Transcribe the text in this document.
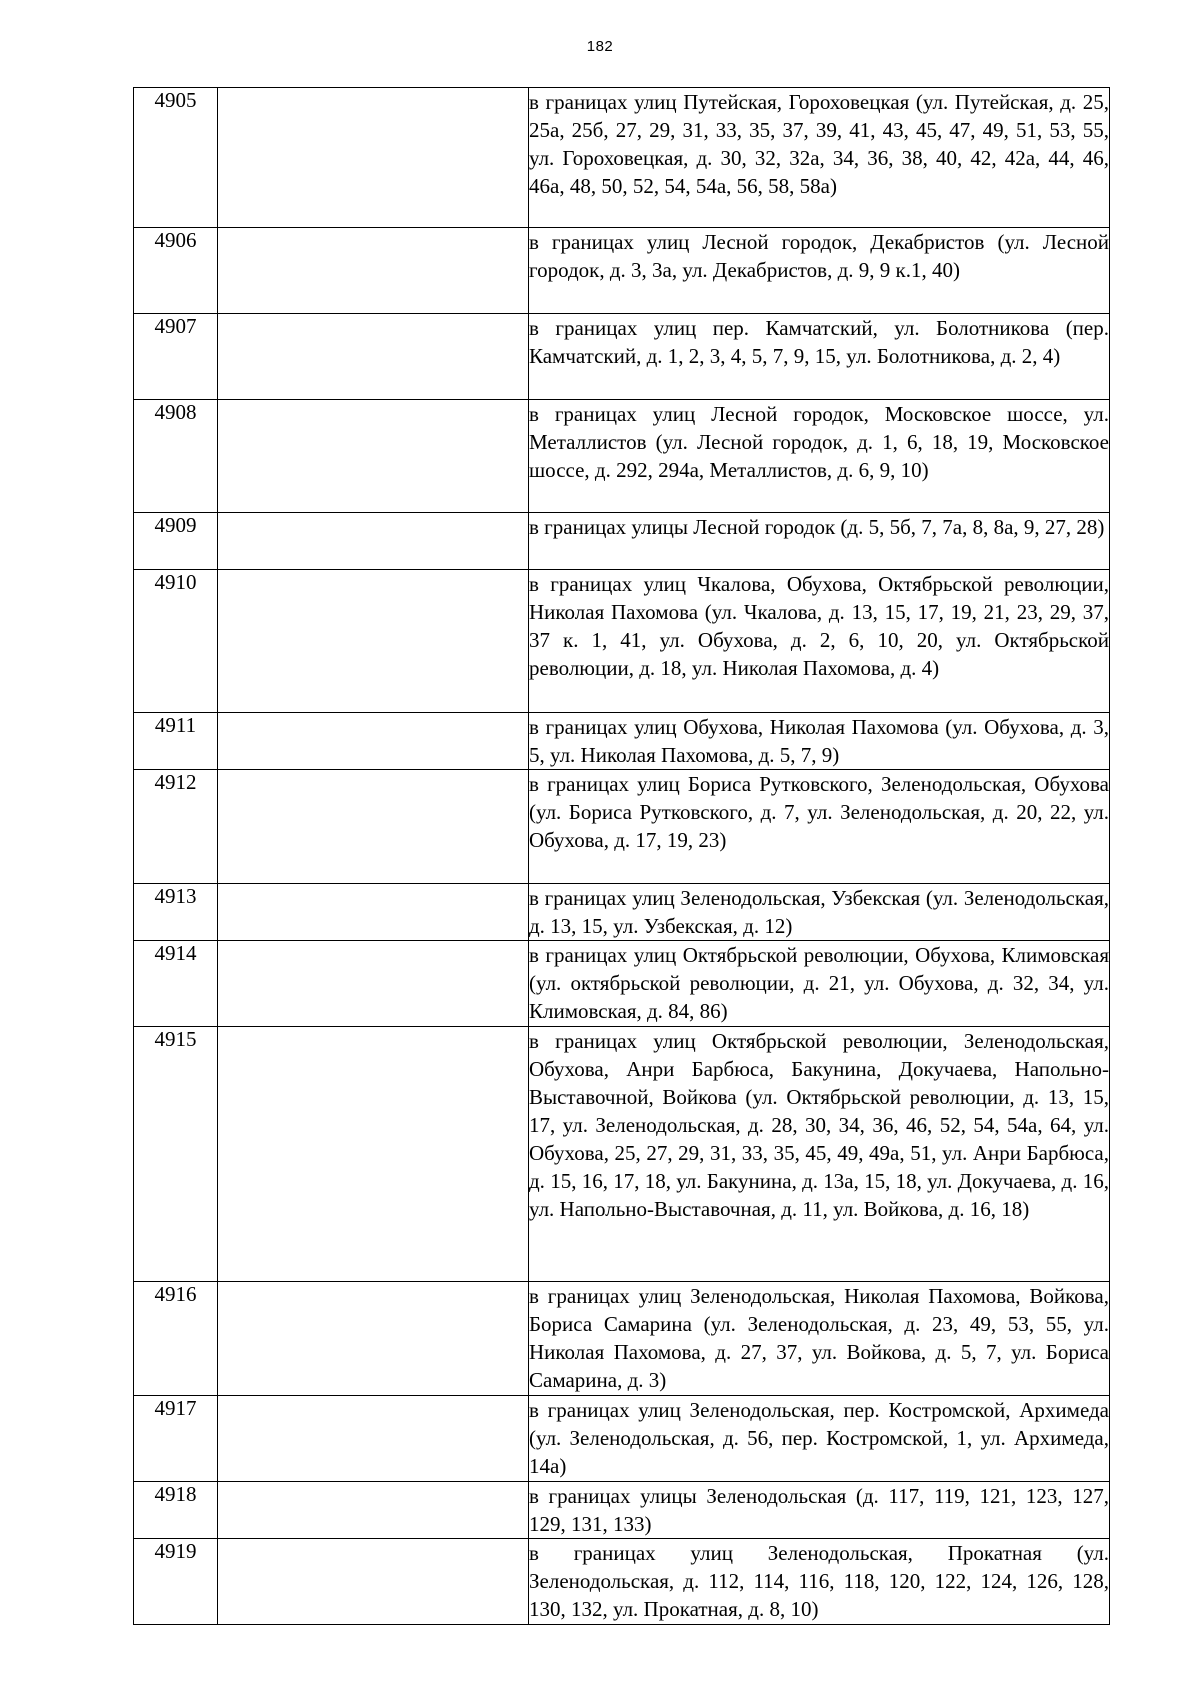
182
4905		в границах улиц Путейская, Гороховецкая (ул. Путейская, д. 25, 25а, 25б, 27, 29, 31, 33, 35, 37, 39, 41, 43, 45, 47, 49, 51, 53, 55, ул. Гороховецкая, д. 30, 32, 32а, 34, 36, 38, 40, 42, 42а, 44, 46, 46а, 48, 50, 52, 54, 54а, 56, 58, 58а)
4906		в границах улиц Лесной городок, Декабристов (ул. Лесной городок, д. 3, 3а, ул. Декабристов, д. 9, 9 к.1, 40)
4907		в границах улиц пер. Камчатский, ул. Болотникова (пер. Камчатский, д. 1, 2, 3, 4, 5, 7, 9, 15, ул. Болотникова, д. 2, 4)
4908		в границах улиц Лесной городок, Московское шоссе, ул. Металлистов (ул. Лесной городок, д. 1, 6, 18, 19, Московское шоссе, д. 292, 294а, Металлистов, д. 6, 9, 10)
4909		в границах улицы Лесной городок (д. 5, 5б, 7, 7а, 8, 8а, 9, 27, 28)
4910		в границах улиц Чкалова, Обухова, Октябрьской революции, Николая Пахомова (ул. Чкалова, д. 13, 15, 17, 19, 21, 23, 29, 37, 37 к. 1, 41, ул. Обухова, д. 2, 6, 10, 20, ул. Октябрьской революции, д. 18, ул. Николая Пахомова, д. 4)
4911		в границах улиц Обухова, Николая Пахомова (ул. Обухова, д. 3, 5, ул. Николая Пахомова, д. 5, 7, 9)
4912		в границах улиц Бориса Рутковского, Зеленодольская, Обухова (ул. Бориса Рутковского, д. 7, ул. Зеленодольская, д. 20, 22, ул. Обухова, д. 17, 19, 23)
4913		в границах улиц Зеленодольская, Узбекская (ул. Зеленодольская, д. 13, 15, ул. Узбекская, д. 12)
4914		в границах улиц Октябрьской революции, Обухова, Климовская (ул. октябрьской революции, д. 21, ул. Обухова, д. 32, 34, ул. Климовская, д. 84, 86)
4915		в границах улиц Октябрьской революции, Зеленодольская, Обухова, Анри Барбюса, Бакунина, Докучаева, Напольно-Выставочной, Войкова (ул. Октябрьской революции, д. 13, 15, 17, ул. Зеленодольская, д. 28, 30, 34, 36, 46, 52, 54, 54а, 64, ул. Обухова, 25, 27, 29, 31, 33, 35, 45, 49, 49а, 51, ул. Анри Барбюса, д. 15, 16, 17, 18, ул. Бакунина, д. 13а, 15, 18, ул. Докучаева, д. 16, ул. Напольно-Выставочная, д. 11, ул. Войкова, д. 16, 18)
4916		в границах улиц Зеленодольская, Николая Пахомова, Войкова, Бориса Самарина (ул. Зеленодольская, д. 23, 49, 53, 55, ул. Николая Пахомова, д. 27, 37, ул. Войкова, д. 5, 7, ул. Бориса Самарина, д. 3)
4917		в границах улиц Зеленодольская, пер. Костромской, Архимеда (ул. Зеленодольская, д. 56, пер. Костромской, 1, ул. Архимеда, 14а)
4918		в границах улицы Зеленодольская (д. 117, 119, 121, 123, 127, 129, 131, 133)
4919		в границах улиц Зеленодольская, Прокатная (ул. Зеленодольская, д. 112, 114, 116, 118, 120, 122, 124, 126, 128, 130, 132, ул. Прокатная, д. 8, 10)
